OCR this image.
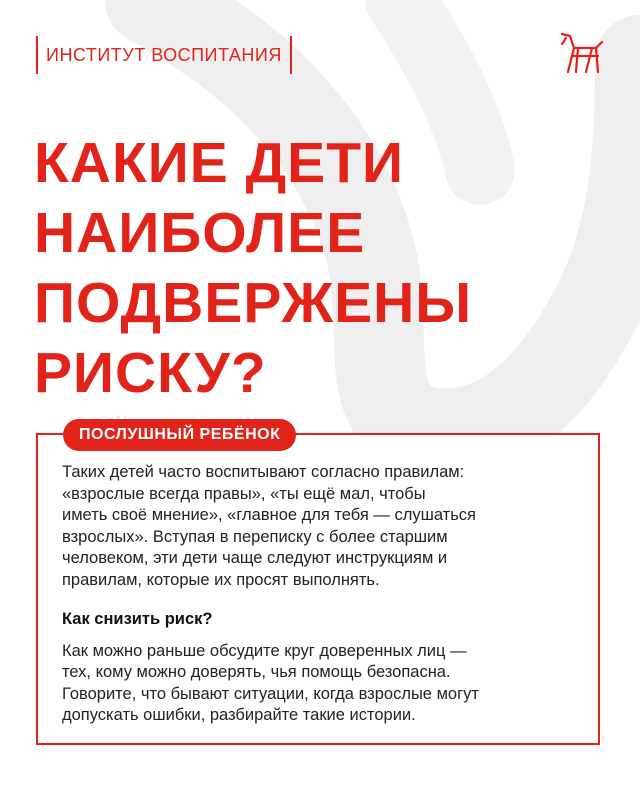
ИНСТИТУТ ВОСПИТАНИЯ
КАКИЕ ДЕТИ
НАИБОЛЕЕ
ПОДВЕРЖЕНЫ
РИСКУ?
ПОСЛУШНЫЙ РЕБЁНОК

Таких детей часто воспитывают согласно правилам:
«взрослые всегда правы», «ты ещё мал, чтобы
иметь своё мнение», «главное для тебя — слушаться
взрослых». Вступая в переписку с более старшим
человеком, эти дети чаще следуют инструкциям и
правилам, которые их просят выполнять.

Как снизить риск?

Как можно раньше обсудите круг доверенных лиц —
тех, кому можно доверять, чья помощь безопасна.
Говорите, что бывают ситуации, когда взрослые могут
допускать ошибки, разбирайте такие истории.
